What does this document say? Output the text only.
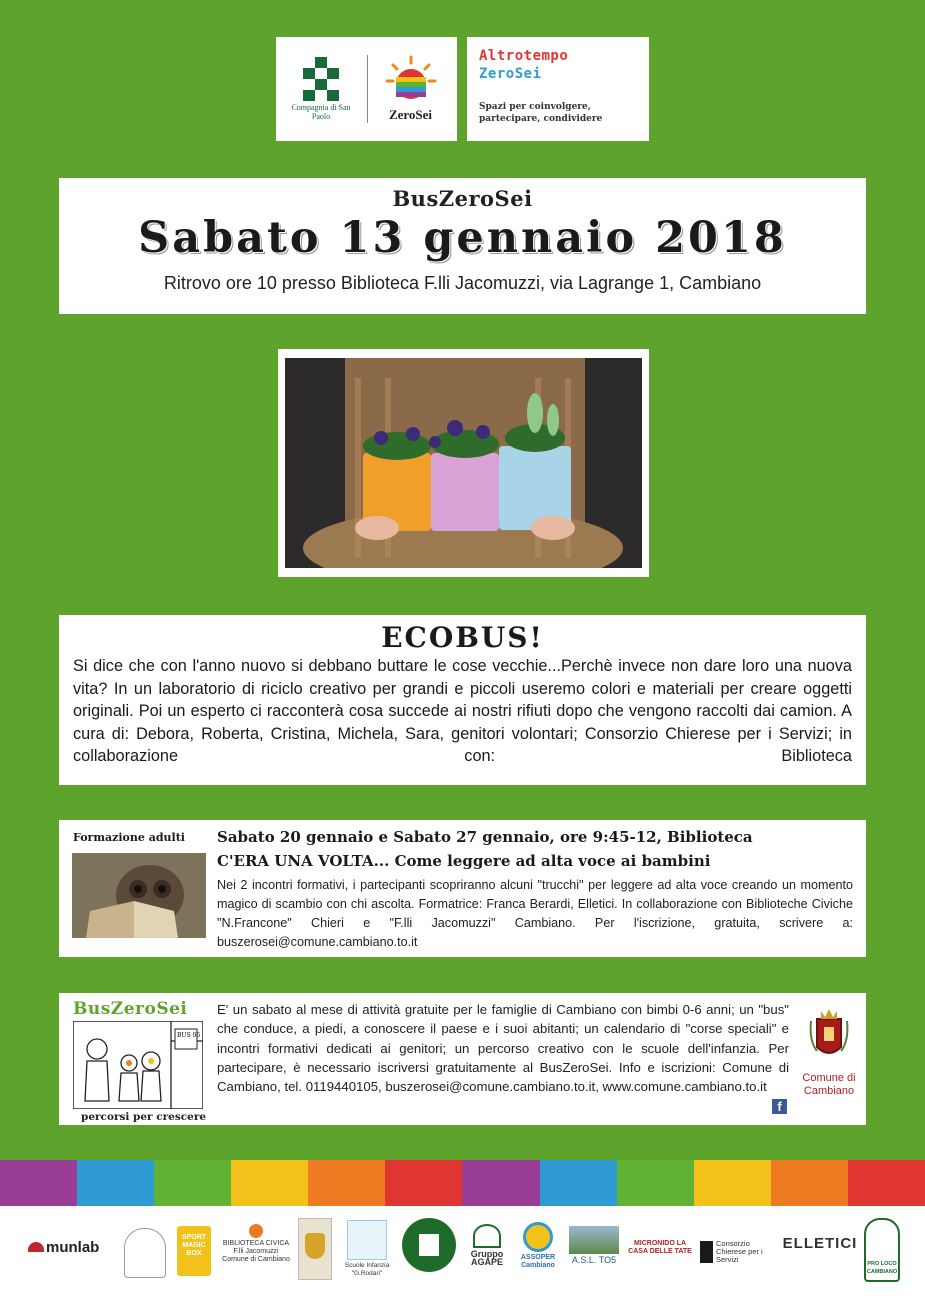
Compagnia di San Paolo	ZeroSei
Altrotempo
ZeroSei
Spazi per coinvolgere, partecipare, condividere
BusZeroSei
Sabato 13 gennaio 2018
Ritrovo ore 10 presso Biblioteca F.lli Jacomuzzi, via Lagrange 1, Cambiano
ECOBUS!
Si dice che con l'anno nuovo si debbano buttare le cose vecchie...Perchè invece non dare loro una nuova vita? In un laboratorio di riciclo creativo per grandi e piccoli useremo colori e materiali per creare oggetti originali. Poi un esperto ci racconterà cosa succede ai nostri rifiuti dopo che vengono raccolti dai camion. A cura di: Debora, Roberta, Cristina, Michela, Sara, genitori volontari; Consorzio Chierese per i Servizi; in collaborazione con: Biblioteca
Formazione adulti Sabato 20 gennaio e Sabato 27 gennaio, ore 9:45-12, Biblioteca
C'ERA UNA VOLTA... Come leggere ad alta voce ai bambini
Nei 2 incontri formativi, i partecipanti scopriranno alcuni "trucchi" per leggere ad alta voce creando un momento magico di scambio con chi ascolta. Formatrice: Franca Berardi, Elletici. In collaborazione con Biblioteche Civiche "N.Francone" Chieri e "F.lli Jacomuzzi" Cambiano. Per l'iscrizione, gratuita, scrivere a: buszerosei@comune.cambiano.to.it
BusZeroSei
BUS 06
percorsi per crescere
E' un sabato al mese di attività gratuite per le famiglie di Cambiano con bimbi 0-6 anni; un "bus" che conduce, a piedi, a conoscere il paese e i suoi abitanti; un calendario di "corse speciali" e incontri formativi dedicati ai genitori; un percorso creativo con le scuole dell'infanzia. Per partecipare, è necessario iscriversi gratuitamente al BusZeroSei. Info e iscrizioni: Comune di Cambiano, tel. 0119440105, buszerosei@comune.cambiano.to.it, www.comune.cambiano.to.it
f
Comune di Cambiano
munlab
SPORT MAGIC BOX
BIBLIOTECA CIVICA F.lli Jacomuzzi Comune di Cambiano
Scuole Infanzia "G.Rodari"
Gruppo AGAPE	ASSOPER Cambiano
A.S.L. TO5
MICRONIDO LA CASA DELLE TATE
Consorzio Chierese per i Servizi
ELLETICI
PRO LOCO CAMBIANO
